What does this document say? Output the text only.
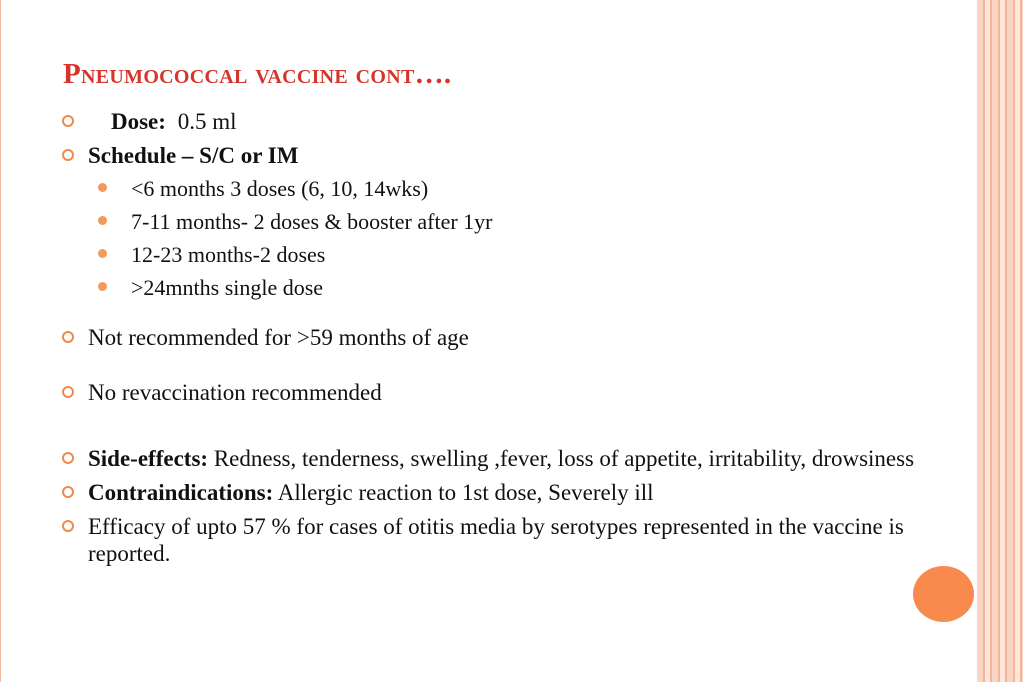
Pneumococcal vaccine cont….
Dose: 0.5 ml
Schedule – S/C or IM
<6 months 3 doses (6, 10, 14wks)
7-11 months- 2 doses & booster after 1yr
12-23 months-2 doses
>24mnths single dose
Not recommended for >59 months of age
No revaccination recommended
Side-effects: Redness, tenderness, swelling ,fever, loss of appetite, irritability, drowsiness
Contraindications: Allergic reaction to 1st dose, Severely ill
Efficacy of upto 57 % for cases of otitis media by serotypes represented in the vaccine is reported.
